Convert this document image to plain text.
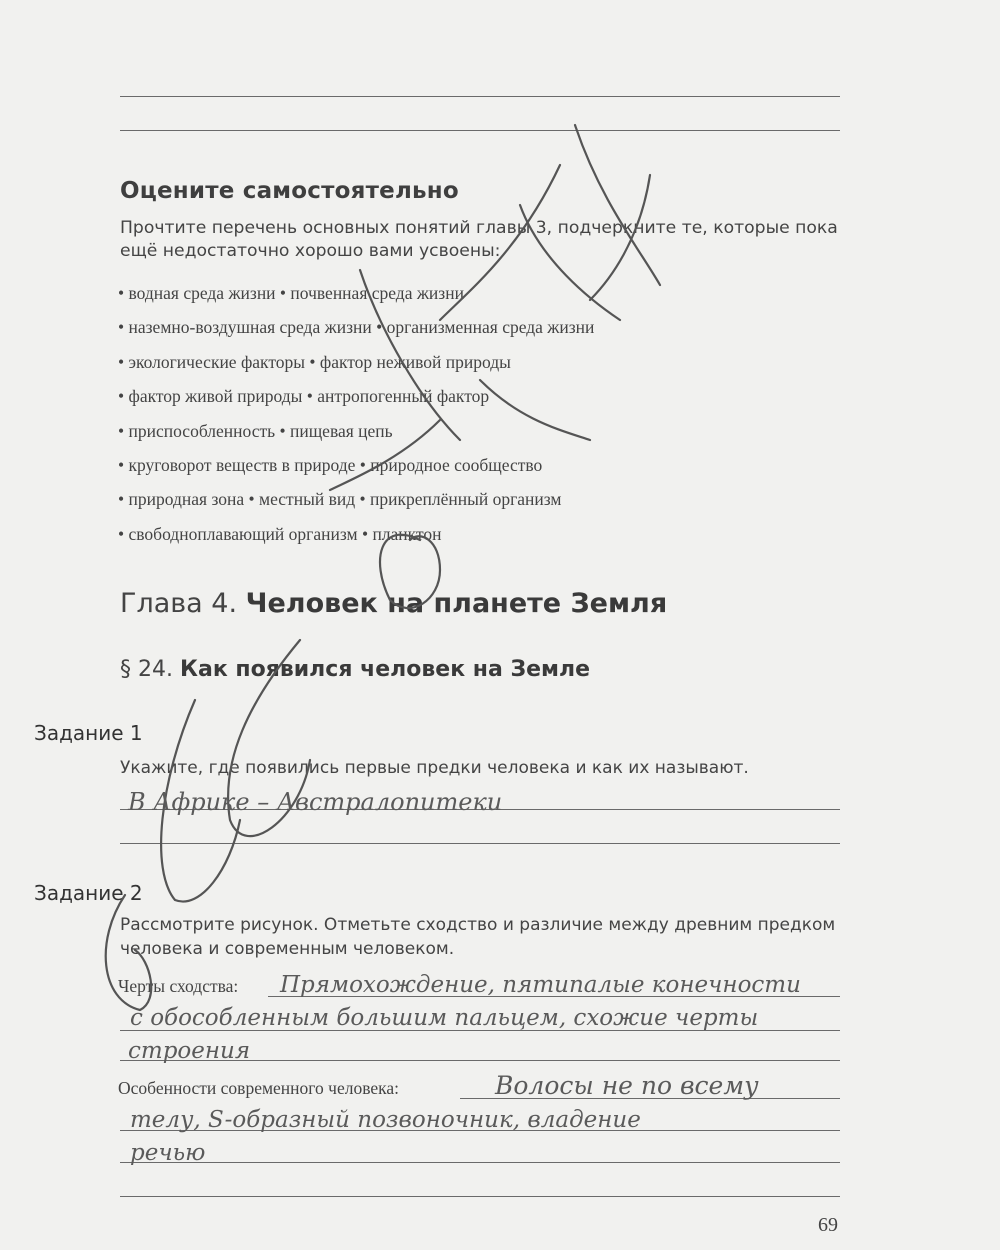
Оцените самостоятельно
Прочтите перечень основных понятий главы 3, подчеркните те, которые пока ещё недостаточно хорошо вами усвоены:
• водная среда жизни • почвенная среда жизни
• наземно-воздушная среда жизни • организменная среда жизни
• экологические факторы • фактор неживой природы
• фактор живой природы • антропогенный фактор
• приспособленность • пищевая цепь
• круговорот веществ в природе • природное сообщество
• природная зона • местный вид • прикреплённый организм
• свободноплавающий организм • планктон
Глава 4. Человек на планете Земля
§ 24. Как появился человек на Земле
Задание 1
Укажите, где появились первые предки человека и как их называют.
Задание 2
Рассмотрите рисунок. Отметьте сходство и различие между древним предком человека и современным человеком.
Черты сходства:
Особенности современного человека:
69
В Африке – Австралопитеки
Прямохождение, пятипалые конечности
с обособленным большим пальцем, схожие черты
строения
Волосы не по всему
телу, S-образный позвоночник, владение
речью
